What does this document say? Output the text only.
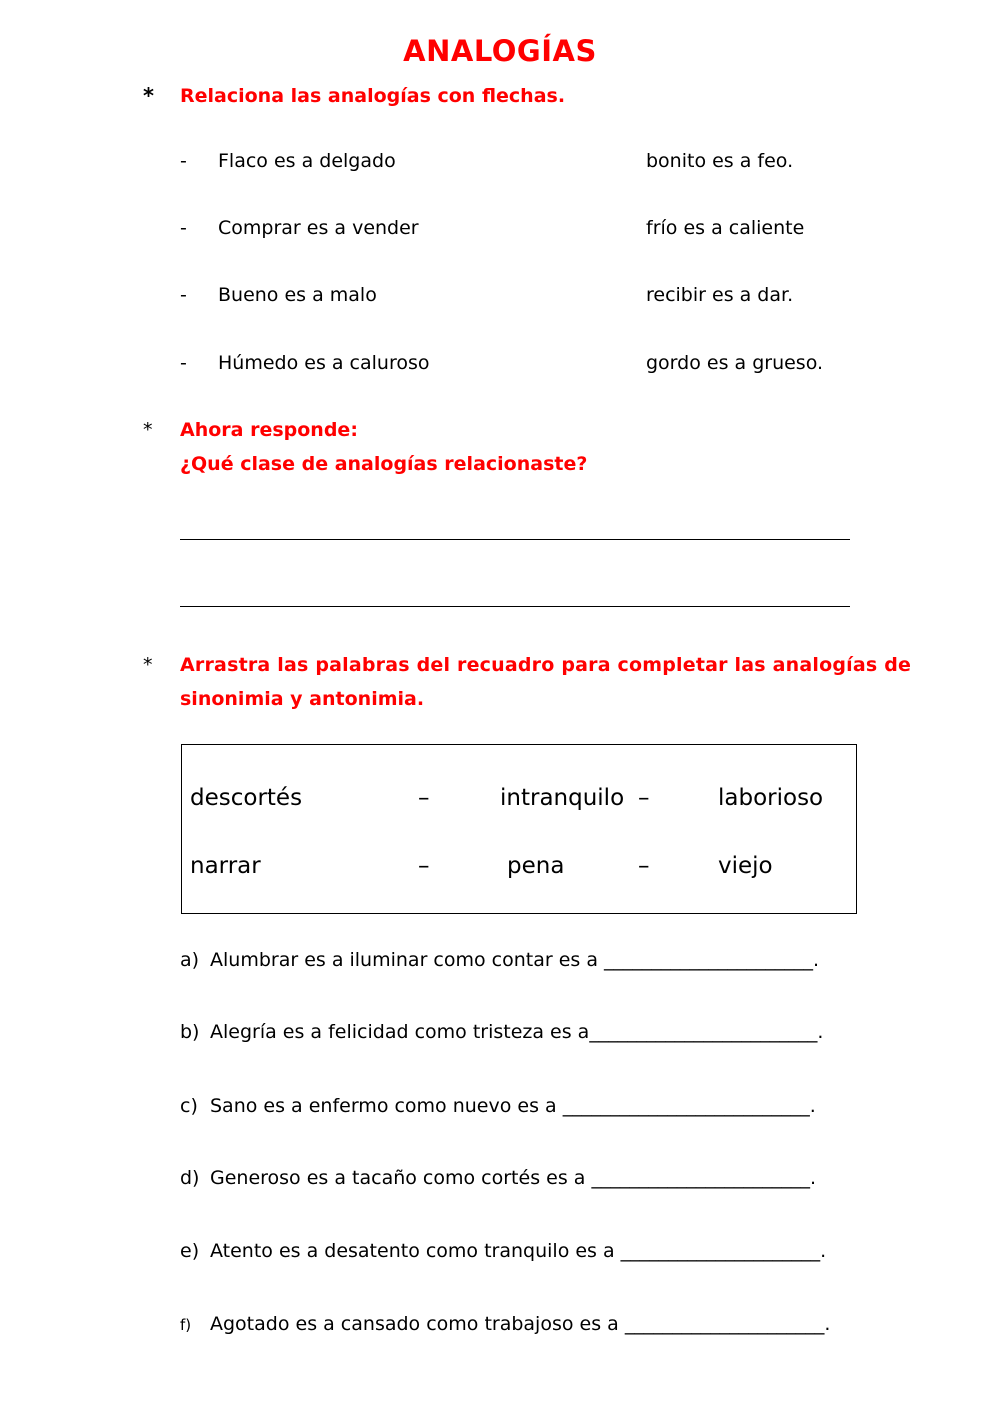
ANALOGÍAS
* Relaciona las analogías con flechas.
- Flaco es a delgado	bonito es a feo.
- Comprar es a vender	frío es a caliente
- Bueno es a malo	recibir es a dar.
- Húmedo es a caluroso	gordo es a grueso.
* Ahora responde:
¿Qué clase de analogías relacionaste?
* Arrastra las palabras del recuadro para completar las analogías de
sinonimia y antonimia.
descortés	–	intranquilo –	laborioso
narrar	–	pena	–	viejo
a) Alumbrar es a iluminar como contar es a ______________________.
b) Alegría es a felicidad como tristeza es a________________________.
c) Sano es a enfermo como nuevo es a __________________________.
d) Generoso es a tacaño como cortés es a _______________________.
e) Atento es a desatento como tranquilo es a _____________________.
f) Agotado es a cansado como trabajoso es a _____________________.
